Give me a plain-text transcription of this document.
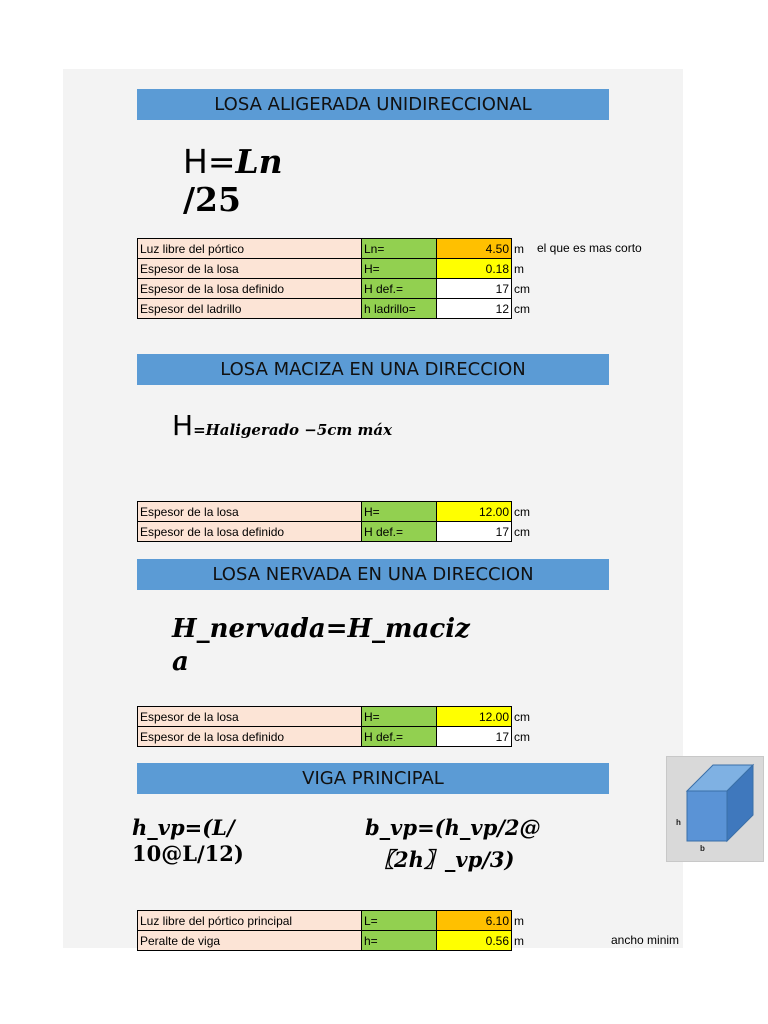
LOSA ALIGERADA UNIDIRECCIONAL
H=Ln
/25
Luz libre del pórtico	Ln=	4.50	m
Espesor de la losa	H=	0.18	m
Espesor de la losa definido	H def.=	17	cm
Espesor del ladrillo	h ladrillo=	12	cm
el que es mas corto
LOSA MACIZA EN UNA DIRECCION
H=Haligerado −5cm máx
Espesor de la losa	H=	12.00	cm
Espesor de la losa definido	H def.=	17	cm
LOSA NERVADA EN UNA DIRECCION
H_nervada=H_maciz
a
Espesor de la losa	H=	12.00	cm
Espesor de la losa definido	H def.=	17	cm
VIGA PRINCIPAL
h_vp=(L/
10@L/12)
b_vp=(h_vp/2@
〖2h〗_vp/3)
Luz libre del pórtico principal	L=	6.10	m
Peralte de viga	h=	0.56	m	ancho minim
h
b
